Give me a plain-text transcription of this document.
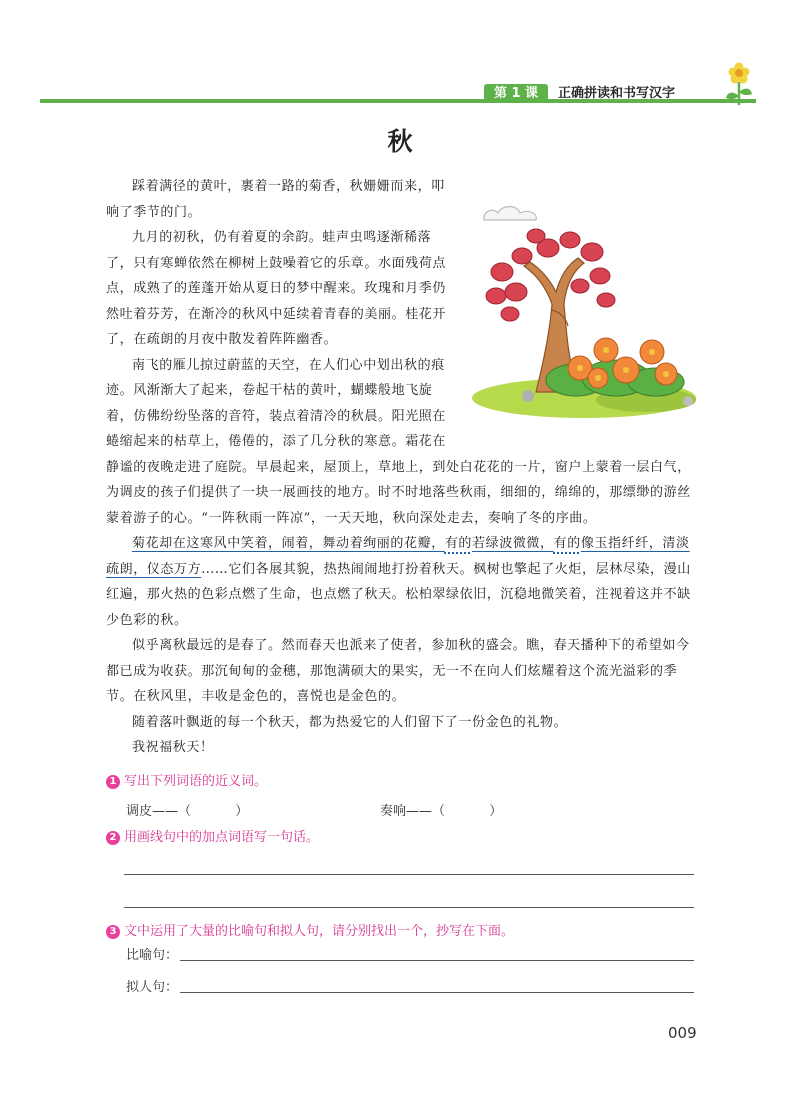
第 1 课	正确拼读和书写汉字
秋

踩着满径的黄叶，裹着一路的菊香，秋姗姗而来，叩响了季节的门。

九月的初秋，仍有着夏的余韵。蛙声虫鸣逐渐稀落了，只有寒蝉依然在柳树上鼓噪着它的乐章。水面残荷点点，成熟了的莲蓬开始从夏日的梦中醒来。玫瑰和月季仍然吐着芬芳，在渐冷的秋风中延续着青春的美丽。桂花开了，在疏朗的月夜中散发着阵阵幽香。

南飞的雁儿掠过蔚蓝的天空，在人们心中划出秋的痕迹。风渐渐大了起来，卷起干枯的黄叶，蝴蝶般地飞旋着，仿佛纷纷坠落的音符，装点着清冷的秋晨。阳光照在蜷缩起来的枯草上，倦倦的，添了几分秋的寒意。霜花在静谧的夜晚走进了庭院。早晨起来，屋顶上，草地上，到处白花花的一片，窗户上蒙着一层白气，为调皮的孩子们提供了一块一展画技的地方。时不时地落些秋雨，细细的，绵绵的，那缥缈的游丝蒙着游子的心。“一阵秋雨一阵凉”，一天天地，秋向深处走去，奏响了冬的序曲。

菊花却在这寒风中笑着，闹着，舞动着绚丽的花瓣，有的若绿波微微，有的像玉指纤纤，清淡疏朗，仪态万方……它们各展其貌，热热闹闹地打扮着秋天。枫树也擎起了火炬，层林尽染，漫山红遍，那火热的色彩点燃了生命，也点燃了秋天。松柏翠绿依旧，沉稳地微笑着，注视着这并不缺少色彩的秋。

似乎离秋最远的是春了。然而春天也派来了使者，参加秋的盛会。瞧，春天播种下的希望如今都已成为收获。那沉甸甸的金穗，那饱满硕大的果实，无一不在向人们炫耀着这个流光溢彩的季节。在秋风里，丰收是金色的，喜悦也是金色的。

随着落叶飘逝的每一个秋天，都为热爱它的人们留下了一份金色的礼物。

我祝福秋天！

1 写出下列词语的近义词。
调皮——（	）	奏响——（	）
2 用画线句中的加点词语写一句话。
3 文中运用了大量的比喻句和拟人句，请分别找出一个，抄写在下面。
比喻句：
拟人句：
009
